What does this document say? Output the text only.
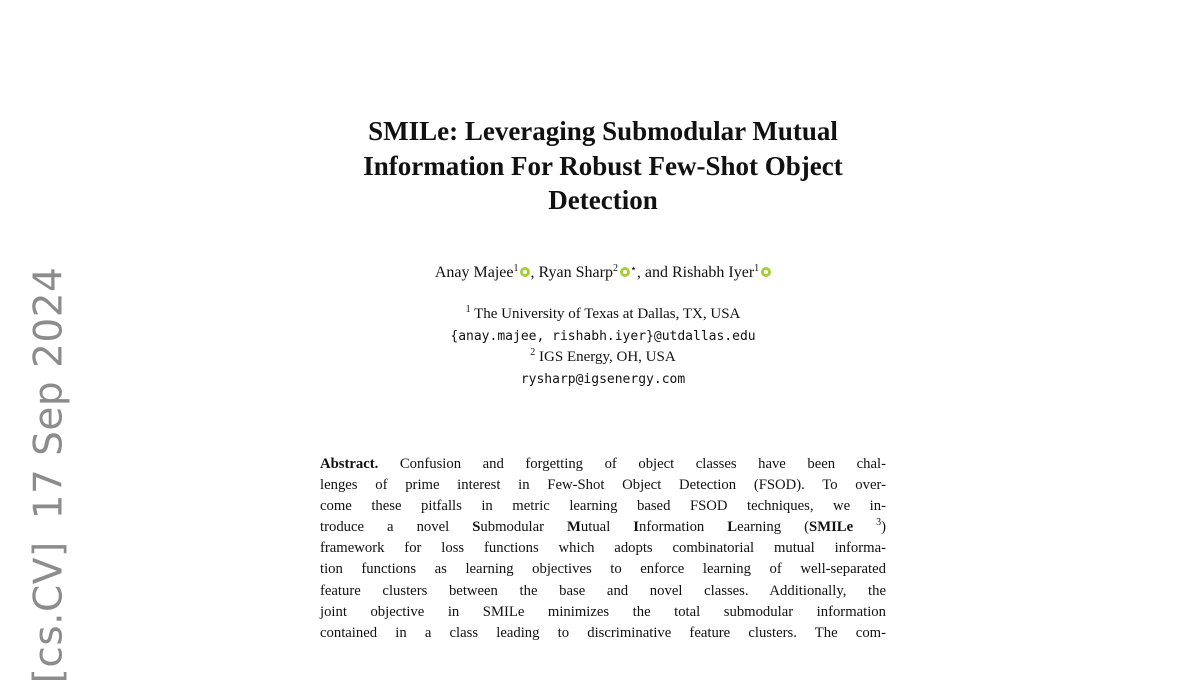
[cs.CV]17 Sep 2024
SMILe: Leveraging Submodular Mutual
Information For Robust Few-Shot Object
Detection
Anay Majee$^1$ , Ryan Sharp$^2$ ⋆, and Rishabh Iyer$^1$
$^1$ The University of Texas at Dallas, TX, USA
{anay.majee, rishabh.iyer}@utdallas.edu
$^2$ IGS Energy, OH, USA
rysharp@igsenergy.com
Abstract. Confusion and forgetting of object classes have been chal-
lenges of prime interest in Few-Shot Object Detection (FSOD). To over-
come these pitfalls in metric learning based FSOD techniques, we in-
troduce a novel Submodular Mutual Information Learning (SMILe $^3$)
framework for loss functions which adopts combinatorial mutual informa-
tion functions as learning objectives to enforce learning of well-separated
feature clusters between the base and novel classes. Additionally, the
joint objective in SMILe minimizes the total submodular information
contained in a class leading to discriminative feature clusters. The com-
